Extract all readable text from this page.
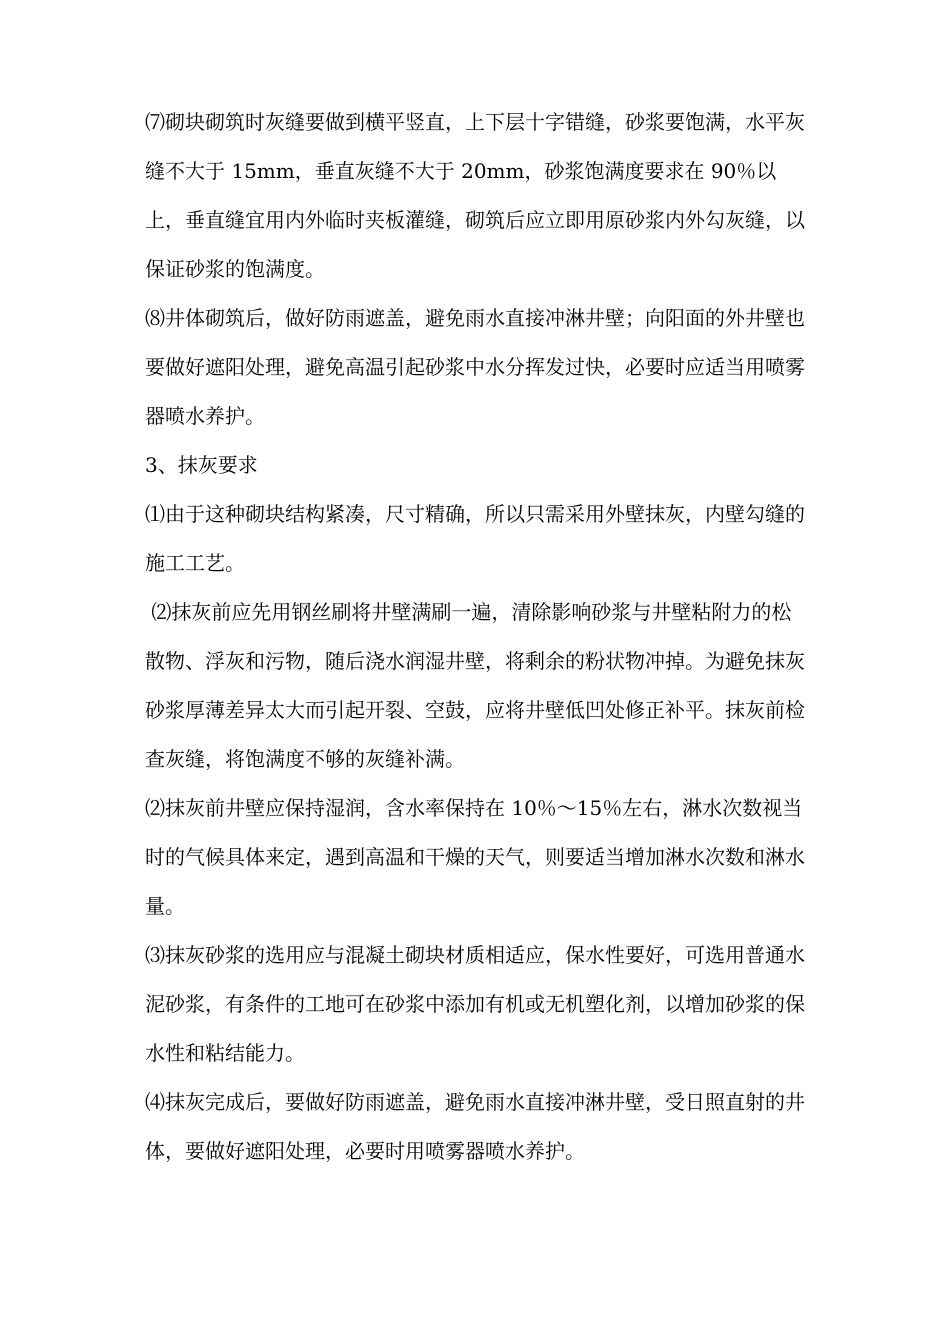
⑺砌块砌筑时灰缝要做到横平竖直，上下层十字错缝，砂浆要饱满，水平灰缝不大于 15mm，垂直灰缝不大于 20mm，砂浆饱满度要求在 90％以上，垂直缝宜用内外临时夹板灌缝，砌筑后应立即用原砂浆内外勾灰缝，以保证砂浆的饱满度。

⑻井体砌筑后，做好防雨遮盖，避免雨水直接冲淋井壁；向阳面的外井壁也要做好遮阳处理，避免高温引起砂浆中水分挥发过快，必要时应适当用喷雾器喷水养护。

3、抹灰要求

⑴由于这种砌块结构紧凑，尺寸精确，所以只需采用外壁抹灰，内壁勾缝的施工工艺。

⑵抹灰前应先用钢丝刷将井壁满刷一遍，清除影响砂浆与井壁粘附力的松散物、浮灰和污物，随后浇水润湿井壁，将剩余的粉状物冲掉。为避免抹灰砂浆厚薄差异太大而引起开裂、空鼓，应将井壁低凹处修正补平。抹灰前检查灰缝，将饱满度不够的灰缝补满。

⑵抹灰前井壁应保持湿润，含水率保持在 10％～15％左右，淋水次数视当时的气候具体来定，遇到高温和干燥的天气，则要适当增加淋水次数和淋水量。

⑶抹灰砂浆的选用应与混凝土砌块材质相适应，保水性要好，可选用普通水泥砂浆，有条件的工地可在砂浆中添加有机或无机塑化剂，以增加砂浆的保水性和粘结能力。

⑷抹灰完成后，要做好防雨遮盖，避免雨水直接冲淋井壁，受日照直射的井体，要做好遮阳处理，必要时用喷雾器喷水养护。
